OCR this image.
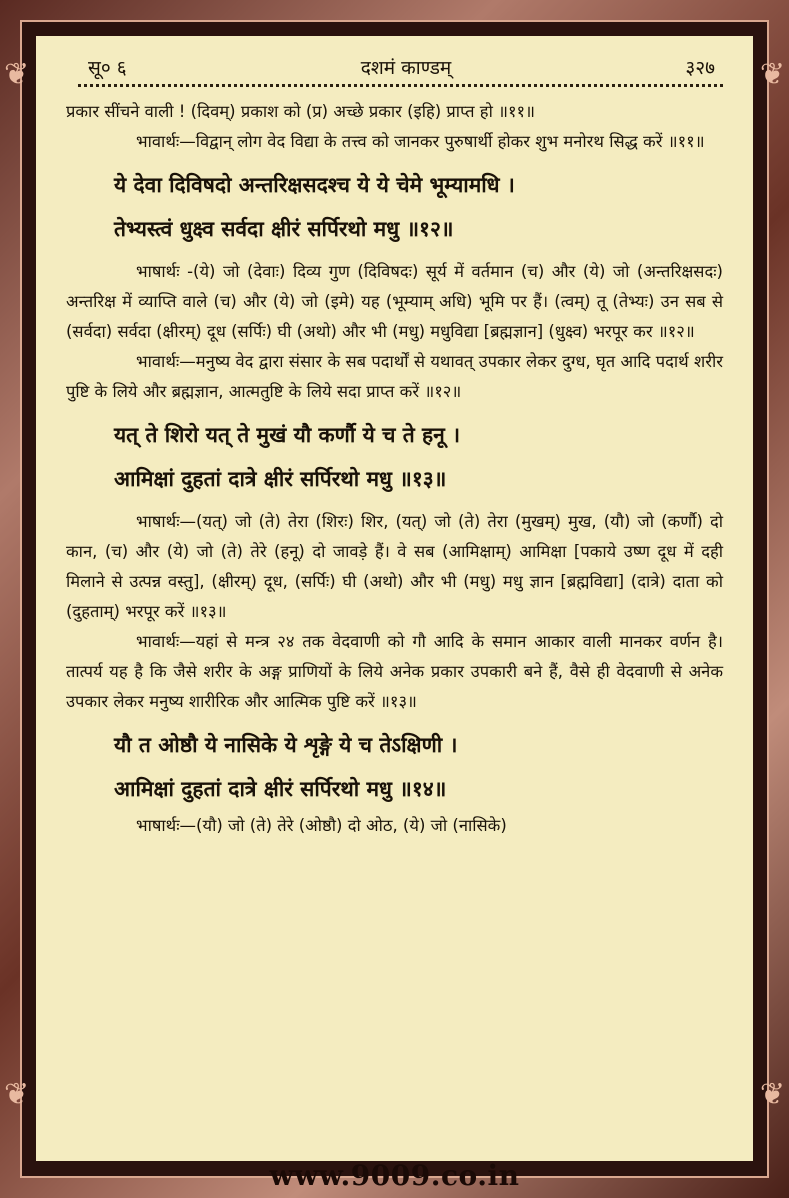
❦
❦
❦
❦
सू० ६	दशमं काण्डम्	३२७

प्रकार सींचने वाली ! (दिवम्) प्रकाश को (प्र) अच्छे प्रकार (इहि) प्राप्त हो ॥११॥

भावार्थः—विद्वान् लोग वेद विद्या के तत्त्व को जानकर पुरुषार्थी होकर शुभ मनोरथ सिद्ध करें ॥११॥

ये देवा दिविषदो अन्तरिक्षसदश्च ये ये चेमे भूम्यामधि ।

तेभ्यस्त्वं धुक्ष्व सर्वदा क्षीरं सर्पिरथो मधु ॥१२॥

भाषार्थः -(ये) जो (देवाः) दिव्य गुण (दिविषदः) सूर्य में वर्तमान (च) और (ये) जो (अन्तरिक्षसदः) अन्तरिक्ष में व्याप्ति वाले (च) और (ये) जो (इमे) यह (भूम्याम् अधि) भूमि पर हैं। (त्वम्) तू (तेभ्यः) उन सब से (सर्वदा) सर्वदा (क्षीरम्) दूध (सर्पिः) घी (अथो) और भी (मधु) मधुविद्या [ब्रह्मज्ञान] (धुक्ष्व) भरपूर कर ॥१२॥

भावार्थः—मनुष्य वेद द्वारा संसार के सब पदार्थों से यथावत् उपकार लेकर दुग्ध, घृत आदि पदार्थ शरीर पुष्टि के लिये और ब्रह्मज्ञान, आत्मतुष्टि के लिये सदा प्राप्त करें ॥१२॥

यत् ते शिरो यत् ते मुखं यौ कर्णौ ये च ते हनू ।

आमिक्षां दुहतां दात्रे क्षीरं सर्पिरथो मधु ॥१३॥

भाषार्थः—(यत्) जो (ते) तेरा (शिरः) शिर, (यत्) जो (ते) तेरा (मुखम्) मुख, (यौ) जो (कर्णौ) दो कान, (च) और (ये) जो (ते) तेरे (हनू) दो जावड़े हैं। वे सब (आमिक्षाम्) आमिक्षा [पकाये उष्ण दूध में दही मिलाने से उत्पन्न वस्तु], (क्षीरम्) दूध, (सर्पिः) घी (अथो) और भी (मधु) मधु ज्ञान [ब्रह्मविद्या] (दात्रे) दाता को (दुहताम्) भरपूर करें ॥१३॥

भावार्थः—यहां से मन्त्र २४ तक वेदवाणी को गौ आदि के समान आकार वाली मानकर वर्णन है। तात्पर्य यह है कि जैसे शरीर के अङ्ग प्राणियों के लिये अनेक प्रकार उपकारी बने हैं, वैसे ही वेदवाणी से अनेक उपकार लेकर मनुष्य शारीरिक और आत्मिक पुष्टि करें ॥१३॥

यौ त ओष्ठौ ये नासिके ये शृङ्गे ये च तेऽक्षिणी ।

आमिक्षां दुहतां दात्रे क्षीरं सर्पिरथो मधु ॥१४॥

भाषार्थः—(यौ) जो (ते) तेरे (ओष्ठौ) दो ओठ, (ये) जो (नासिके)

www.9009.co.in
